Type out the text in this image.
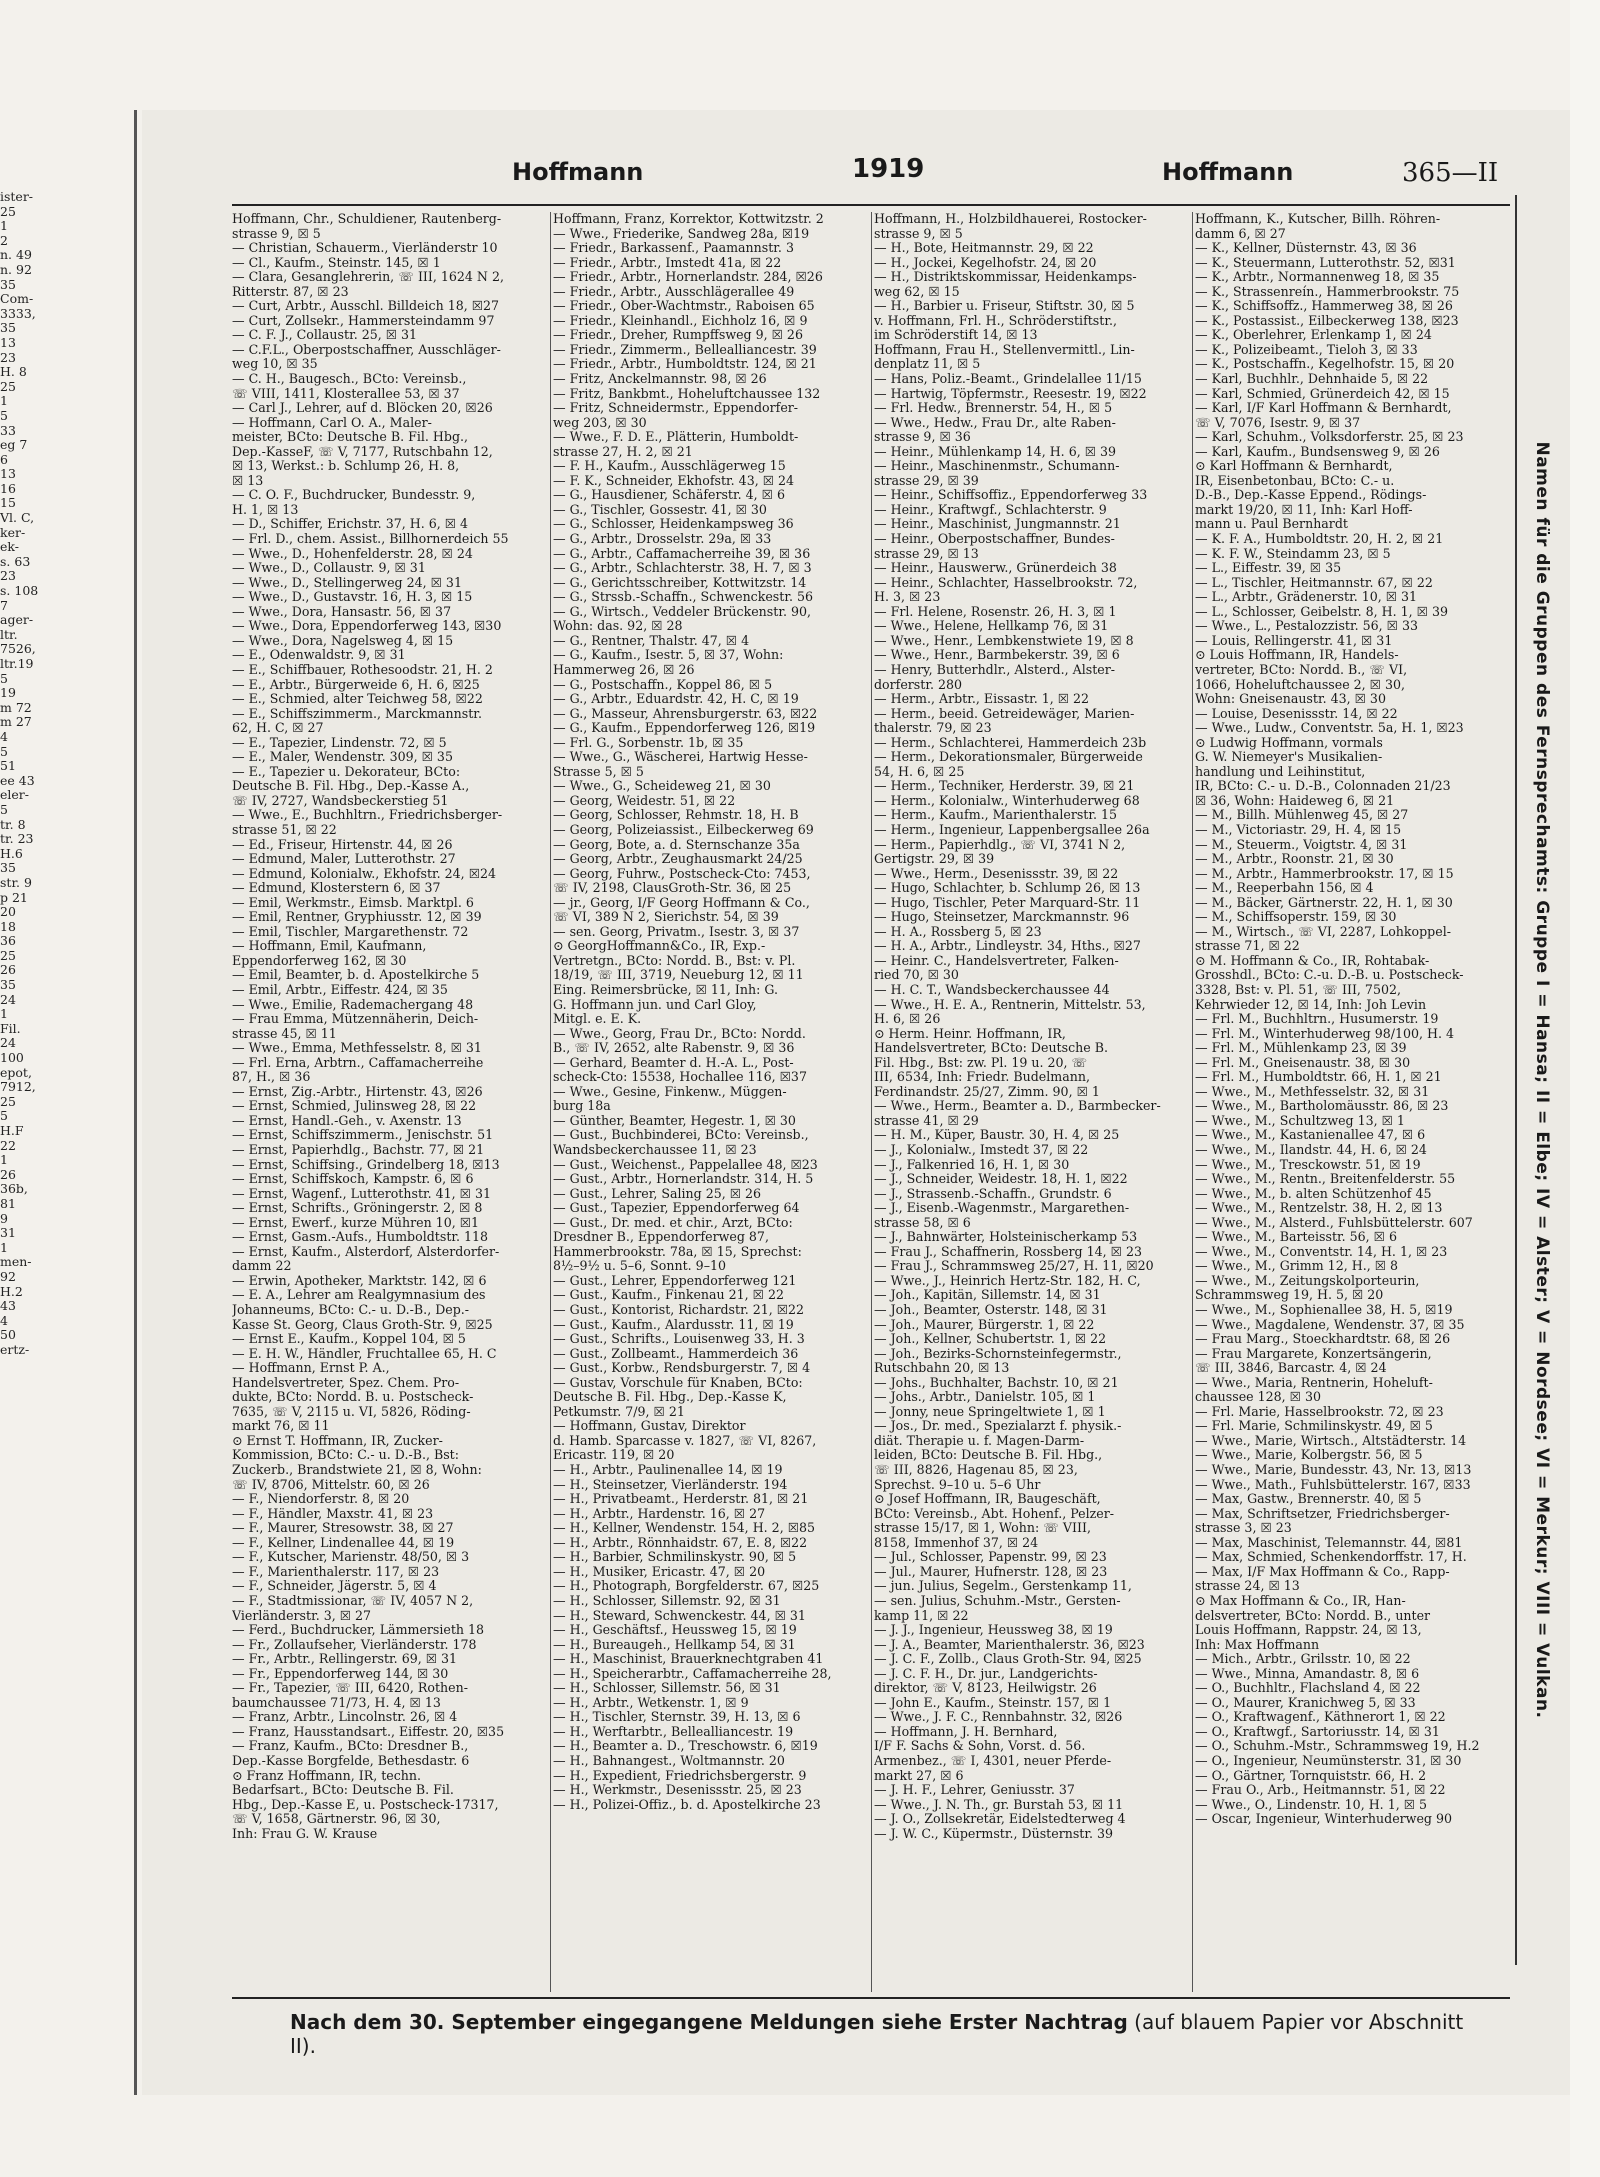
ister-
25
1
2
n. 49
n. 92
35
Com-
3333,
35
13
23
H. 8
25
1
5
33
eg 7
6
13
16
15
Vl. C,
ker-
ek-
s. 63
23
s. 108
7
ager-
ltr.
7526,
ltr.19
5
19
m 72
m 27
4
5
51
ee 43
eler-
5
tr. 8
tr. 23
H.6
35
str. 9
p 21
20
18
36
25
26
35
24
1
Fil.
24
100
epot,
7912,
25
5
H.F
22
1
26
36b,
81
9
31
1
men-
92
H.2
43
4
50
ertz-
Hoffmann	1919	Hoffmann	365—II
Hoffmann, Chr., Schuldiener, Rautenberg-
strasse 9, ☒ 5
— Christian, Schauerm., Vierländerstr 10
— Cl., Kaufm., Steinstr. 145, ☒ 1
— Clara, Gesanglehrerin, ☏ III, 1624 N 2,
Ritterstr. 87, ☒ 23
— Curt, Arbtr., Ausschl. Billdeich 18, ☒27
— Curt, Zollsekr., Hammersteindamm 97
— C. F. J., Collaustr. 25, ☒ 31
— C.F.L., Oberpostschaffner, Ausschläger-
weg 10, ☒ 35
— C. H., Baugesch., BCto: Vereinsb.,
☏ VIII, 1411, Klosterallee 53, ☒ 37
— Carl J., Lehrer, auf d. Blöcken 20, ☒26
— Hoffmann, Carl O. A., Maler-
meister, BCto: Deutsche B. Fil. Hbg.,
Dep.-KasseF, ☏ V, 7177, Rutschbahn 12,
☒ 13, Werkst.: b. Schlump 26, H. 8,
☒ 13
— C. O. F., Buchdrucker, Bundesstr. 9,
H. 1, ☒ 13
— D., Schiffer, Erichstr. 37, H. 6, ☒ 4
— Frl. D., chem. Assist., Billhornerdeich 55
— Wwe., D., Hohenfelderstr. 28, ☒ 24
— Wwe., D., Collaustr. 9, ☒ 31
— Wwe., D., Stellingerweg 24, ☒ 31
— Wwe., D., Gustavstr. 16, H. 3, ☒ 15
— Wwe., Dora, Hansastr. 56, ☒ 37
— Wwe., Dora, Eppendorferweg 143, ☒30
— Wwe., Dora, Nagelsweg 4, ☒ 15
— E., Odenwaldstr. 9, ☒ 31
— E., Schiffbauer, Rothesoodstr. 21, H. 2
— E., Arbtr., Bürgerweide 6, H. 6, ☒25
— E., Schmied, alter Teichweg 58, ☒22
— E., Schiffszimmerm., Marckmannstr.
62, H. C, ☒ 27
— E., Tapezier, Lindenstr. 72, ☒ 5
— E., Maler, Wendenstr. 309, ☒ 35
— E., Tapezier u. Dekorateur, BCto:
Deutsche B. Fil. Hbg., Dep.-Kasse A.,
☏ IV, 2727, Wandsbeckerstieg 51
— Wwe., E., Buchhltrn., Friedrichsberger-
strasse 51, ☒ 22
— Ed., Friseur, Hirtenstr. 44, ☒ 26
— Edmund, Maler, Lutterothstr. 27
— Edmund, Kolonialw., Ekhofstr. 24, ☒24
— Edmund, Klosterstern 6, ☒ 37
— Emil, Werkmstr., Eimsb. Marktpl. 6
— Emil, Rentner, Gryphiusstr. 12, ☒ 39
— Emil, Tischler, Margarethenstr. 72
— Hoffmann, Emil, Kaufmann,
Eppendorferweg 162, ☒ 30
— Emil, Beamter, b. d. Apostelkirche 5
— Emil, Arbtr., Eiffestr. 424, ☒ 35
— Wwe., Emilie, Rademachergang 48
— Frau Emma, Mützennäherin, Deich-
strasse 45, ☒ 11
— Wwe., Emma, Methfesselstr. 8, ☒ 31
— Frl. Erna, Arbtrn., Caffamacherreihe
87, H., ☒ 36
— Ernst, Zig.-Arbtr., Hirtenstr. 43, ☒26
— Ernst, Schmied, Julinsweg 28, ☒ 22
— Ernst, Handl.-Geh., v. Axenstr. 13
— Ernst, Schiffszimmerm., Jenischstr. 51
— Ernst, Papierhdlg., Bachstr. 77, ☒ 21
— Ernst, Schiffsing., Grindelberg 18, ☒13
— Ernst, Schiffskoch, Kampstr. 6, ☒ 6
— Ernst, Wagenf., Lutterothstr. 41, ☒ 31
— Ernst, Schrifts., Gröningerstr. 2, ☒ 8
— Ernst, Ewerf., kurze Mühren 10, ☒1
— Ernst, Gasm.-Aufs., Humboldtstr. 118
— Ernst, Kaufm., Alsterdorf, Alsterdorfer-
damm 22
— Erwin, Apotheker, Marktstr. 142, ☒ 6
— E. A., Lehrer am Realgymnasium des
Johanneums, BCto: C.- u. D.-B., Dep.-
Kasse St. Georg, Claus Groth-Str. 9, ☒25
— Ernst E., Kaufm., Koppel 104, ☒ 5
— E. H. W., Händler, Fruchtallee 65, H. C
— Hoffmann, Ernst P. A.,
Handelsvertreter, Spez. Chem. Pro-
dukte, BCto: Nordd. B. u. Postscheck-
7635, ☏ V, 2115 u. VI, 5826, Röding-
markt 76, ☒ 11
⊙ Ernst T. Hoffmann, IR, Zucker-
Kommission, BCto: C.- u. D.-B., Bst:
Zuckerb., Brandstwiete 21, ☒ 8, Wohn:
☏ IV, 8706, Mittelstr. 60, ☒ 26
— F., Niendorferstr. 8, ☒ 20
— F., Händler, Maxstr. 41, ☒ 23
— F., Maurer, Stresowstr. 38, ☒ 27
— F., Kellner, Lindenallee 44, ☒ 19
— F., Kutscher, Marienstr. 48/50, ☒ 3
— F., Marienthalerstr. 117, ☒ 23
— F., Schneider, Jägerstr. 5, ☒ 4
— F., Stadtmissionar, ☏ IV, 4057 N 2,
Vierländerstr. 3, ☒ 27
— Ferd., Buchdrucker, Lämmersieth 18
— Fr., Zollaufseher, Vierländerstr. 178
— Fr., Arbtr., Rellingerstr. 69, ☒ 31
— Fr., Eppendorferweg 144, ☒ 30
— Fr., Tapezier, ☏ III, 6420, Rothen-
baumchaussee 71/73, H. 4, ☒ 13
— Franz, Arbtr., Lincolnstr. 26, ☒ 4
— Franz, Hausstandsart., Eiffestr. 20, ☒35
— Franz, Kaufm., BCto: Dresdner B.,
Dep.-Kasse Borgfelde, Bethesdastr. 6
⊙ Franz Hoffmann, IR, techn.
Bedarfsart., BCto: Deutsche B. Fil.
Hbg., Dep.-Kasse E, u. Postscheck-17317,
☏ V, 1658, Gärtnerstr. 96, ☒ 30,
Inh: Frau G. W. Krause
Hoffmann, Franz, Korrektor, Kottwitzstr. 2
— Wwe., Friederike, Sandweg 28a, ☒19
— Friedr., Barkassenf., Paamannstr. 3
— Friedr., Arbtr., Imstedt 41a, ☒ 22
— Friedr., Arbtr., Hornerlandstr. 284, ☒26
— Friedr., Arbtr., Ausschlägerallee 49
— Friedr., Ober-Wachtmstr., Raboisen 65
— Friedr., Kleinhandl., Eichholz 16, ☒ 9
— Friedr., Dreher, Rumpffsweg 9, ☒ 26
— Friedr., Zimmerm., Bellealliancestr. 39
— Friedr., Arbtr., Humboldtstr. 124, ☒ 21
— Fritz, Anckelmannstr. 98, ☒ 26
— Fritz, Bankbmt., Hoheluftchaussee 132
— Fritz, Schneidermstr., Eppendorfer-
weg 203, ☒ 30
— Wwe., F. D. E., Plätterin, Humboldt-
strasse 27, H. 2, ☒ 21
— F. H., Kaufm., Ausschlägerweg 15
— F. K., Schneider, Ekhofstr. 43, ☒ 24
— G., Hausdiener, Schäferstr. 4, ☒ 6
— G., Tischler, Gossestr. 41, ☒ 30
— G., Schlosser, Heidenkampsweg 36
— G., Arbtr., Drosselstr. 29a, ☒ 33
— G., Arbtr., Caffamacherreihe 39, ☒ 36
— G., Arbtr., Schlachterstr. 38, H. 7, ☒ 3
— G., Gerichtsschreiber, Kottwitzstr. 14
— G., Strssb.-Schaffn., Schwenckestr. 56
— G., Wirtsch., Veddeler Brückenstr. 90,
Wohn: das. 92, ☒ 28
— G., Rentner, Thalstr. 47, ☒ 4
— G., Kaufm., Isestr. 5, ☒ 37, Wohn:
Hammerweg 26, ☒ 26
— G., Postschaffn., Koppel 86, ☒ 5
— G., Arbtr., Eduardstr. 42, H. C, ☒ 19
— G., Masseur, Ahrensburgerstr. 63, ☒22
— G., Kaufm., Eppendorferweg 126, ☒19
— Frl. G., Sorbenstr. 1b, ☒ 35
— Wwe., G., Wäscherei, Hartwig Hesse-
Strasse 5, ☒ 5
— Wwe., G., Scheideweg 21, ☒ 30
— Georg, Weidestr. 51, ☒ 22
— Georg, Schlosser, Rehmstr. 18, H. B
— Georg, Polizeiassist., Eilbeckerweg 69
— Georg, Bote, a. d. Sternschanze 35a
— Georg, Arbtr., Zeughausmarkt 24/25
— Georg, Fuhrw., Postscheck-Cto: 7453,
☏ IV, 2198, ClausGroth-Str. 36, ☒ 25
— jr., Georg, I/F Georg Hoffmann & Co.,
☏ VI, 389 N 2, Sierichstr. 54, ☒ 39
— sen. Georg, Privatm., Isestr. 3, ☒ 37
⊙ GeorgHoffmann&Co., IR, Exp.-
Vertretgn., BCto: Nordd. B., Bst: v. Pl.
18/19, ☏ III, 3719, Neueburg 12, ☒ 11
Eing. Reimersbrücke, ☒ 11, Inh: G.
G. Hoffmann jun. und Carl Gloy,
Mitgl. e. E. K.
— Wwe., Georg, Frau Dr., BCto: Nordd.
B., ☏ IV, 2652, alte Rabenstr. 9, ☒ 36
— Gerhard, Beamter d. H.-A. L., Post-
scheck-Cto: 15538, Hochallee 116, ☒37
— Wwe., Gesine, Finkenw., Müggen-
burg 18a
— Günther, Beamter, Hegestr. 1, ☒ 30
— Gust., Buchbinderei, BCto: Vereinsb.,
Wandsbeckerchaussee 11, ☒ 23
— Gust., Weichenst., Pappelallee 48, ☒23
— Gust., Arbtr., Hornerlandstr. 314, H. 5
— Gust., Lehrer, Saling 25, ☒ 26
— Gust., Tapezier, Eppendorferweg 64
— Gust., Dr. med. et chir., Arzt, BCto:
Dresdner B., Eppendorferweg 87,
Hammerbrookstr. 78a, ☒ 15, Sprechst:
8½–9½ u. 5–6, Sonnt. 9–10
— Gust., Lehrer, Eppendorferweg 121
— Gust., Kaufm., Finkenau 21, ☒ 22
— Gust., Kontorist, Richardstr. 21, ☒22
— Gust., Kaufm., Alardusstr. 11, ☒ 19
— Gust., Schrifts., Louisenweg 33, H. 3
— Gust., Zollbeamt., Hammerdeich 36
— Gust., Korbw., Rendsburgerstr. 7, ☒ 4
— Gustav, Vorschule für Knaben, BCto:
Deutsche B. Fil. Hbg., Dep.-Kasse K,
Petkumstr. 7/9, ☒ 21
— Hoffmann, Gustav, Direktor
d. Hamb. Sparcasse v. 1827, ☏ VI, 8267,
Ericastr. 119, ☒ 20
— H., Arbtr., Paulinenallee 14, ☒ 19
— H., Steinsetzer, Vierländerstr. 194
— H., Privatbeamt., Herderstr. 81, ☒ 21
— H., Arbtr., Hardenstr. 16, ☒ 27
— H., Kellner, Wendenstr. 154, H. 2, ☒85
— H., Arbtr., Rönnhaidstr. 67, E. 8, ☒22
— H., Barbier, Schmilinskystr. 90, ☒ 5
— H., Musiker, Ericastr. 47, ☒ 20
— H., Photograph, Borgfelderstr. 67, ☒25
— H., Schlosser, Sillemstr. 92, ☒ 31
— H., Steward, Schwenckestr. 44, ☒ 31
— H., Geschäftsf., Heussweg 15, ☒ 19
— H., Bureaugeh., Hellkamp 54, ☒ 31
— H., Maschinist, Brauerknechtgraben 41
— H., Speicherarbtr., Caffamacherreihe 28,
— H., Schlosser, Sillemstr. 56, ☒ 31
— H., Arbtr., Wetkenstr. 1, ☒ 9
— H., Tischler, Sternstr. 39, H. 13, ☒ 6
— H., Werftarbtr., Bellealliancestr. 19
— H., Beamter a. D., Treschowstr. 6, ☒19
— H., Bahnangest., Woltmannstr. 20
— H., Expedient, Friedrichsbergerstr. 9
— H., Werkmstr., Desenissstr. 25, ☒ 23
— H., Polizei-Offiz., b. d. Apostelkirche 23
Hoffmann, H., Holzbildhauerei, Rostocker-
strasse 9, ☒ 5
— H., Bote, Heitmannstr. 29, ☒ 22
— H., Jockei, Kegelhofstr. 24, ☒ 20
— H., Distriktskommissar, Heidenkamps-
weg 62, ☒ 15
— H., Barbier u. Friseur, Stiftstr. 30, ☒ 5
v. Hoffmann, Frl. H., Schröderstiftstr.,
im Schröderstift 14, ☒ 13
Hoffmann, Frau H., Stellenvermittl., Lin-
denplatz 11, ☒ 5
— Hans, Poliz.-Beamt., Grindelallee 11/15
— Hartwig, Töpfermstr., Reesestr. 19, ☒22
— Frl. Hedw., Brennerstr. 54, H., ☒ 5
— Wwe., Hedw., Frau Dr., alte Raben-
strasse 9, ☒ 36
— Heinr., Mühlenkamp 14, H. 6, ☒ 39
— Heinr., Maschinenmstr., Schumann-
strasse 29, ☒ 39
— Heinr., Schiffsoffiz., Eppendorferweg 33
— Heinr., Kraftwgf., Schlachterstr. 9
— Heinr., Maschinist, Jungmannstr. 21
— Heinr., Oberpostschaffner, Bundes-
strasse 29, ☒ 13
— Heinr., Hauswerw., Grünerdeich 38
— Heinr., Schlachter, Hasselbrookstr. 72,
H. 3, ☒ 23
— Frl. Helene, Rosenstr. 26, H. 3, ☒ 1
— Wwe., Helene, Hellkamp 76, ☒ 31
— Wwe., Henr., Lembkenstwiete 19, ☒ 8
— Wwe., Henr., Barmbekerstr. 39, ☒ 6
— Henry, Butterhdlr., Alsterd., Alster-
dorferstr. 280
— Herm., Arbtr., Eissastr. 1, ☒ 22
— Herm., beeid. Getreidewäger, Marien-
thalerstr. 79, ☒ 23
— Herm., Schlachterei, Hammerdeich 23b
— Herm., Dekorationsmaler, Bürgerweide
54, H. 6, ☒ 25
— Herm., Techniker, Herderstr. 39, ☒ 21
— Herm., Kolonialw., Winterhuderweg 68
— Herm., Kaufm., Marienthalerstr. 15
— Herm., Ingenieur, Lappenbergsallee 26a
— Herm., Papierhdlg., ☏ VI, 3741 N 2,
Gertigstr. 29, ☒ 39
— Wwe., Herm., Desenissstr. 39, ☒ 22
— Hugo, Schlachter, b. Schlump 26, ☒ 13
— Hugo, Tischler, Peter Marquard-Str. 11
— Hugo, Steinsetzer, Marckmannstr. 96
— H. A., Rossberg 5, ☒ 23
— H. A., Arbtr., Lindleystr. 34, Hths., ☒27
— Heinr. C., Handelsvertreter, Falken-
ried 70, ☒ 30
— H. C. T., Wandsbeckerchaussee 44
— Wwe., H. E. A., Rentnerin, Mittelstr. 53,
H. 6, ☒ 26
⊙ Herm. Heinr. Hoffmann, IR,
Handelsvertreter, BCto: Deutsche B.
Fil. Hbg., Bst: zw. Pl. 19 u. 20, ☏
III, 6534, Inh: Friedr. Budelmann,
Ferdinandstr. 25/27, Zimm. 90, ☒ 1
— Wwe., Herm., Beamter a. D., Barmbecker-
strasse 41, ☒ 29
— H. M., Küper, Baustr. 30, H. 4, ☒ 25
— J., Kolonialw., Imstedt 37, ☒ 22
— J., Falkenried 16, H. 1, ☒ 30
— J., Schneider, Weidestr. 18, H. 1, ☒22
— J., Strassenb.-Schaffn., Grundstr. 6
— J., Eisenb.-Wagenmstr., Margarethen-
strasse 58, ☒ 6
— J., Bahnwärter, Holsteinischerkamp 53
— Frau J., Schaffnerin, Rossberg 14, ☒ 23
— Frau J., Schrammsweg 25/27, H. 11, ☒20
— Wwe., J., Heinrich Hertz-Str. 182, H. C,
— Joh., Kapitän, Sillemstr. 14, ☒ 31
— Joh., Beamter, Osterstr. 148, ☒ 31
— Joh., Maurer, Bürgerstr. 1, ☒ 22
— Joh., Kellner, Schubertstr. 1, ☒ 22
— Joh., Bezirks-Schornsteinfegermstr.,
Rutschbahn 20, ☒ 13
— Johs., Buchhalter, Bachstr. 10, ☒ 21
— Johs., Arbtr., Danielstr. 105, ☒ 1
— Jonny, neue Springeltwiete 1, ☒ 1
— Jos., Dr. med., Spezialarzt f. physik.-
diät. Therapie u. f. Magen-Darm-
leiden, BCto: Deutsche B. Fil. Hbg.,
☏ III, 8826, Hagenau 85, ☒ 23,
Sprechst. 9–10 u. 5–6 Uhr
⊙ Josef Hoffmann, IR, Baugeschäft,
BCto: Vereinsb., Abt. Hohenf., Pelzer-
strasse 15/17, ☒ 1, Wohn: ☏ VIII,
8158, Immenhof 37, ☒ 24
— Jul., Schlosser, Papenstr. 99, ☒ 23
— Jul., Maurer, Hufnerstr. 128, ☒ 23
— jun. Julius, Segelm., Gerstenkamp 11,
— sen. Julius, Schuhm.-Mstr., Gersten-
kamp 11, ☒ 22
— J. J., Ingenieur, Heussweg 38, ☒ 19
— J. A., Beamter, Marienthalerstr. 36, ☒23
— J. C. F., Zollb., Claus Groth-Str. 94, ☒25
— J. C. F. H., Dr. jur., Landgerichts-
direktor, ☏ V, 8123, Heilwigstr. 26
— John E., Kaufm., Steinstr. 157, ☒ 1
— Wwe., J. F. C., Rennbahnstr. 32, ☒26
— Hoffmann, J. H. Bernhard,
I/F F. Sachs & Sohn, Vorst. d. 56.
Armenbez., ☏ I, 4301, neuer Pferde-
markt 27, ☒ 6
— J. H. F., Lehrer, Geniusstr. 37
— Wwe., J. N. Th., gr. Burstah 53, ☒ 11
— J. O., Zollsekretär, Eidelstedterweg 4
— J. W. C., Küpermstr., Düsternstr. 39
Hoffmann, K., Kutscher, Billh. Röhren-
damm 6, ☒ 27
— K., Kellner, Düsternstr. 43, ☒ 36
— K., Steuermann, Lutterothstr. 52, ☒31
— K., Arbtr., Normannenweg 18, ☒ 35
— K., Strassenreín., Hammerbrookstr. 75
— K., Schiffsoffz., Hammerweg 38, ☒ 26
— K., Postassist., Eilbeckerweg 138, ☒23
— K., Oberlehrer, Erlenkamp 1, ☒ 24
— K., Polizeibeamt., Tieloh 3, ☒ 33
— K., Postschaffn., Kegelhofstr. 15, ☒ 20
— Karl, Buchhlr., Dehnhaide 5, ☒ 22
— Karl, Schmied, Grünerdeich 42, ☒ 15
— Karl, I/F Karl Hoffmann & Bernhardt,
☏ V, 7076, Isestr. 9, ☒ 37
— Karl, Schuhm., Volksdorferstr. 25, ☒ 23
— Karl, Kaufm., Bundsensweg 9, ☒ 26
⊙ Karl Hoffmann & Bernhardt,
IR, Eisenbetonbau, BCto: C.- u.
D.-B., Dep.-Kasse Eppend., Rödings-
markt 19/20, ☒ 11, Inh: Karl Hoff-
mann u. Paul Bernhardt
— K. F. A., Humboldtstr. 20, H. 2, ☒ 21
— K. F. W., Steindamm 23, ☒ 5
— L., Eiffestr. 39, ☒ 35
— L., Tischler, Heitmannstr. 67, ☒ 22
— L., Arbtr., Grädenerstr. 10, ☒ 31
— L., Schlosser, Geibelstr. 8, H. 1, ☒ 39
— Wwe., L., Pestalozzistr. 56, ☒ 33
— Louis, Rellingerstr. 41, ☒ 31
⊙ Louis Hoffmann, IR, Handels-
vertreter, BCto: Nordd. B., ☏ VI,
1066, Hoheluftchaussee 2, ☒ 30,
Wohn: Gneisenaustr. 43, ☒ 30
— Louise, Desenissstr. 14, ☒ 22
— Wwe., Ludw., Conventstr. 5a, H. 1, ☒23
⊙ Ludwig Hoffmann, vormals
G. W. Niemeyer's Musikalien-
handlung und Leihinstitut,
IR, BCto: C.- u. D.-B., Colonnaden 21/23
☒ 36, Wohn: Haideweg 6, ☒ 21
— M., Billh. Mühlenweg 45, ☒ 27
— M., Victoriastr. 29, H. 4, ☒ 15
— M., Steuerm., Voigtstr. 4, ☒ 31
— M., Arbtr., Roonstr. 21, ☒ 30
— M., Arbtr., Hammerbrookstr. 17, ☒ 15
— M., Reeperbahn 156, ☒ 4
— M., Bäcker, Gärtnerstr. 22, H. 1, ☒ 30
— M., Schiffsoperstr. 159, ☒ 30
— M., Wirtsch., ☏ VI, 2287, Lohkoppel-
strasse 71, ☒ 22
⊙ M. Hoffmann & Co., IR, Rohtabak-
Grosshdl., BCto: C.-u. D.-B. u. Postscheck-
3328, Bst: v. Pl. 51, ☏ III, 7502,
Kehrwieder 12, ☒ 14, Inh: Joh Levin
— Frl. M., Buchhltrn., Husumerstr. 19
— Frl. M., Winterhuderweg 98/100, H. 4
— Frl. M., Mühlenkamp 23, ☒ 39
— Frl. M., Gneisenaustr. 38, ☒ 30
— Frl. M., Humboldtstr. 66, H. 1, ☒ 21
— Wwe., M., Methfesselstr. 32, ☒ 31
— Wwe., M., Bartholomäusstr. 86, ☒ 23
— Wwe., M., Schultzweg 13, ☒ 1
— Wwe., M., Kastanienallee 47, ☒ 6
— Wwe., M., Ilandstr. 44, H. 6, ☒ 24
— Wwe., M., Tresckowstr. 51, ☒ 19
— Wwe., M., Rentn., Breitenfelderstr. 55
— Wwe., M., b. alten Schützenhof 45
— Wwe., M., Rentzelstr. 38, H. 2, ☒ 13
— Wwe., M., Alsterd., Fuhlsbüttelerstr. 607
— Wwe., M., Barteisstr. 56, ☒ 6
— Wwe., M., Conventstr. 14, H. 1, ☒ 23
— Wwe., M., Grimm 12, H., ☒ 8
— Wwe., M., Zeitungskolporteurin,
Schrammsweg 19, H. 5, ☒ 20
— Wwe., M., Sophienallee 38, H. 5, ☒19
— Wwe., Magdalene, Wendenstr. 37, ☒ 35
— Frau Marg., Stoeckhardtstr. 68, ☒ 26
— Frau Margarete, Konzertsängerin,
☏ III, 3846, Barcastr. 4, ☒ 24
— Wwe., Maria, Rentnerin, Hoheluft-
chaussee 128, ☒ 30
— Frl. Marie, Hasselbrookstr. 72, ☒ 23
— Frl. Marie, Schmilinskystr. 49, ☒ 5
— Wwe., Marie, Wirtsch., Altstädterstr. 14
— Wwe., Marie, Kolbergstr. 56, ☒ 5
— Wwe., Marie, Bundesstr. 43, Nr. 13, ☒13
— Wwe., Math., Fuhlsbüttelerstr. 167, ☒33
— Max, Gastw., Brennerstr. 40, ☒ 5
— Max, Schriftsetzer, Friedrichsberger-
strasse 3, ☒ 23
— Max, Maschinist, Telemannstr. 44, ☒81
— Max, Schmied, Schenkendorffstr. 17, H.
— Max, I/F Max Hoffmann & Co., Rapp-
strasse 24, ☒ 13
⊙ Max Hoffmann & Co., IR, Han-
delsvertreter, BCto: Nordd. B., unter
Louis Hoffmann, Rappstr. 24, ☒ 13,
Inh: Max Hoffmann
— Mich., Arbtr., Grilsstr. 10, ☒ 22
— Wwe., Minna, Amandastr. 8, ☒ 6
— O., Buchhltr., Flachsland 4, ☒ 22
— O., Maurer, Kranichweg 5, ☒ 33
— O., Kraftwagenf., Käthnerort 1, ☒ 22
— O., Kraftwgf., Sartoriusstr. 14, ☒ 31
— O., Schuhm.-Mstr., Schrammsweg 19, H.2
— O., Ingenieur, Neumünsterstr. 31, ☒ 30
— O., Gärtner, Tornquiststr. 66, H. 2
— Frau O., Arb., Heitmannstr. 51, ☒ 22
— Wwe., O., Lindenstr. 10, H. 1, ☒ 5
— Oscar, Ingenieur, Winterhuderweg 90
Namen für die Gruppen des Fernsprechamts: Gruppe I = Hansa; II = Elbe; IV = Alster; V = Nordsee; VI = Merkur; VIII = Vulkan.
Nach dem 30. September eingegangene Meldungen siehe Erster Nachtrag (auf blauem Papier vor Abschnitt II).
